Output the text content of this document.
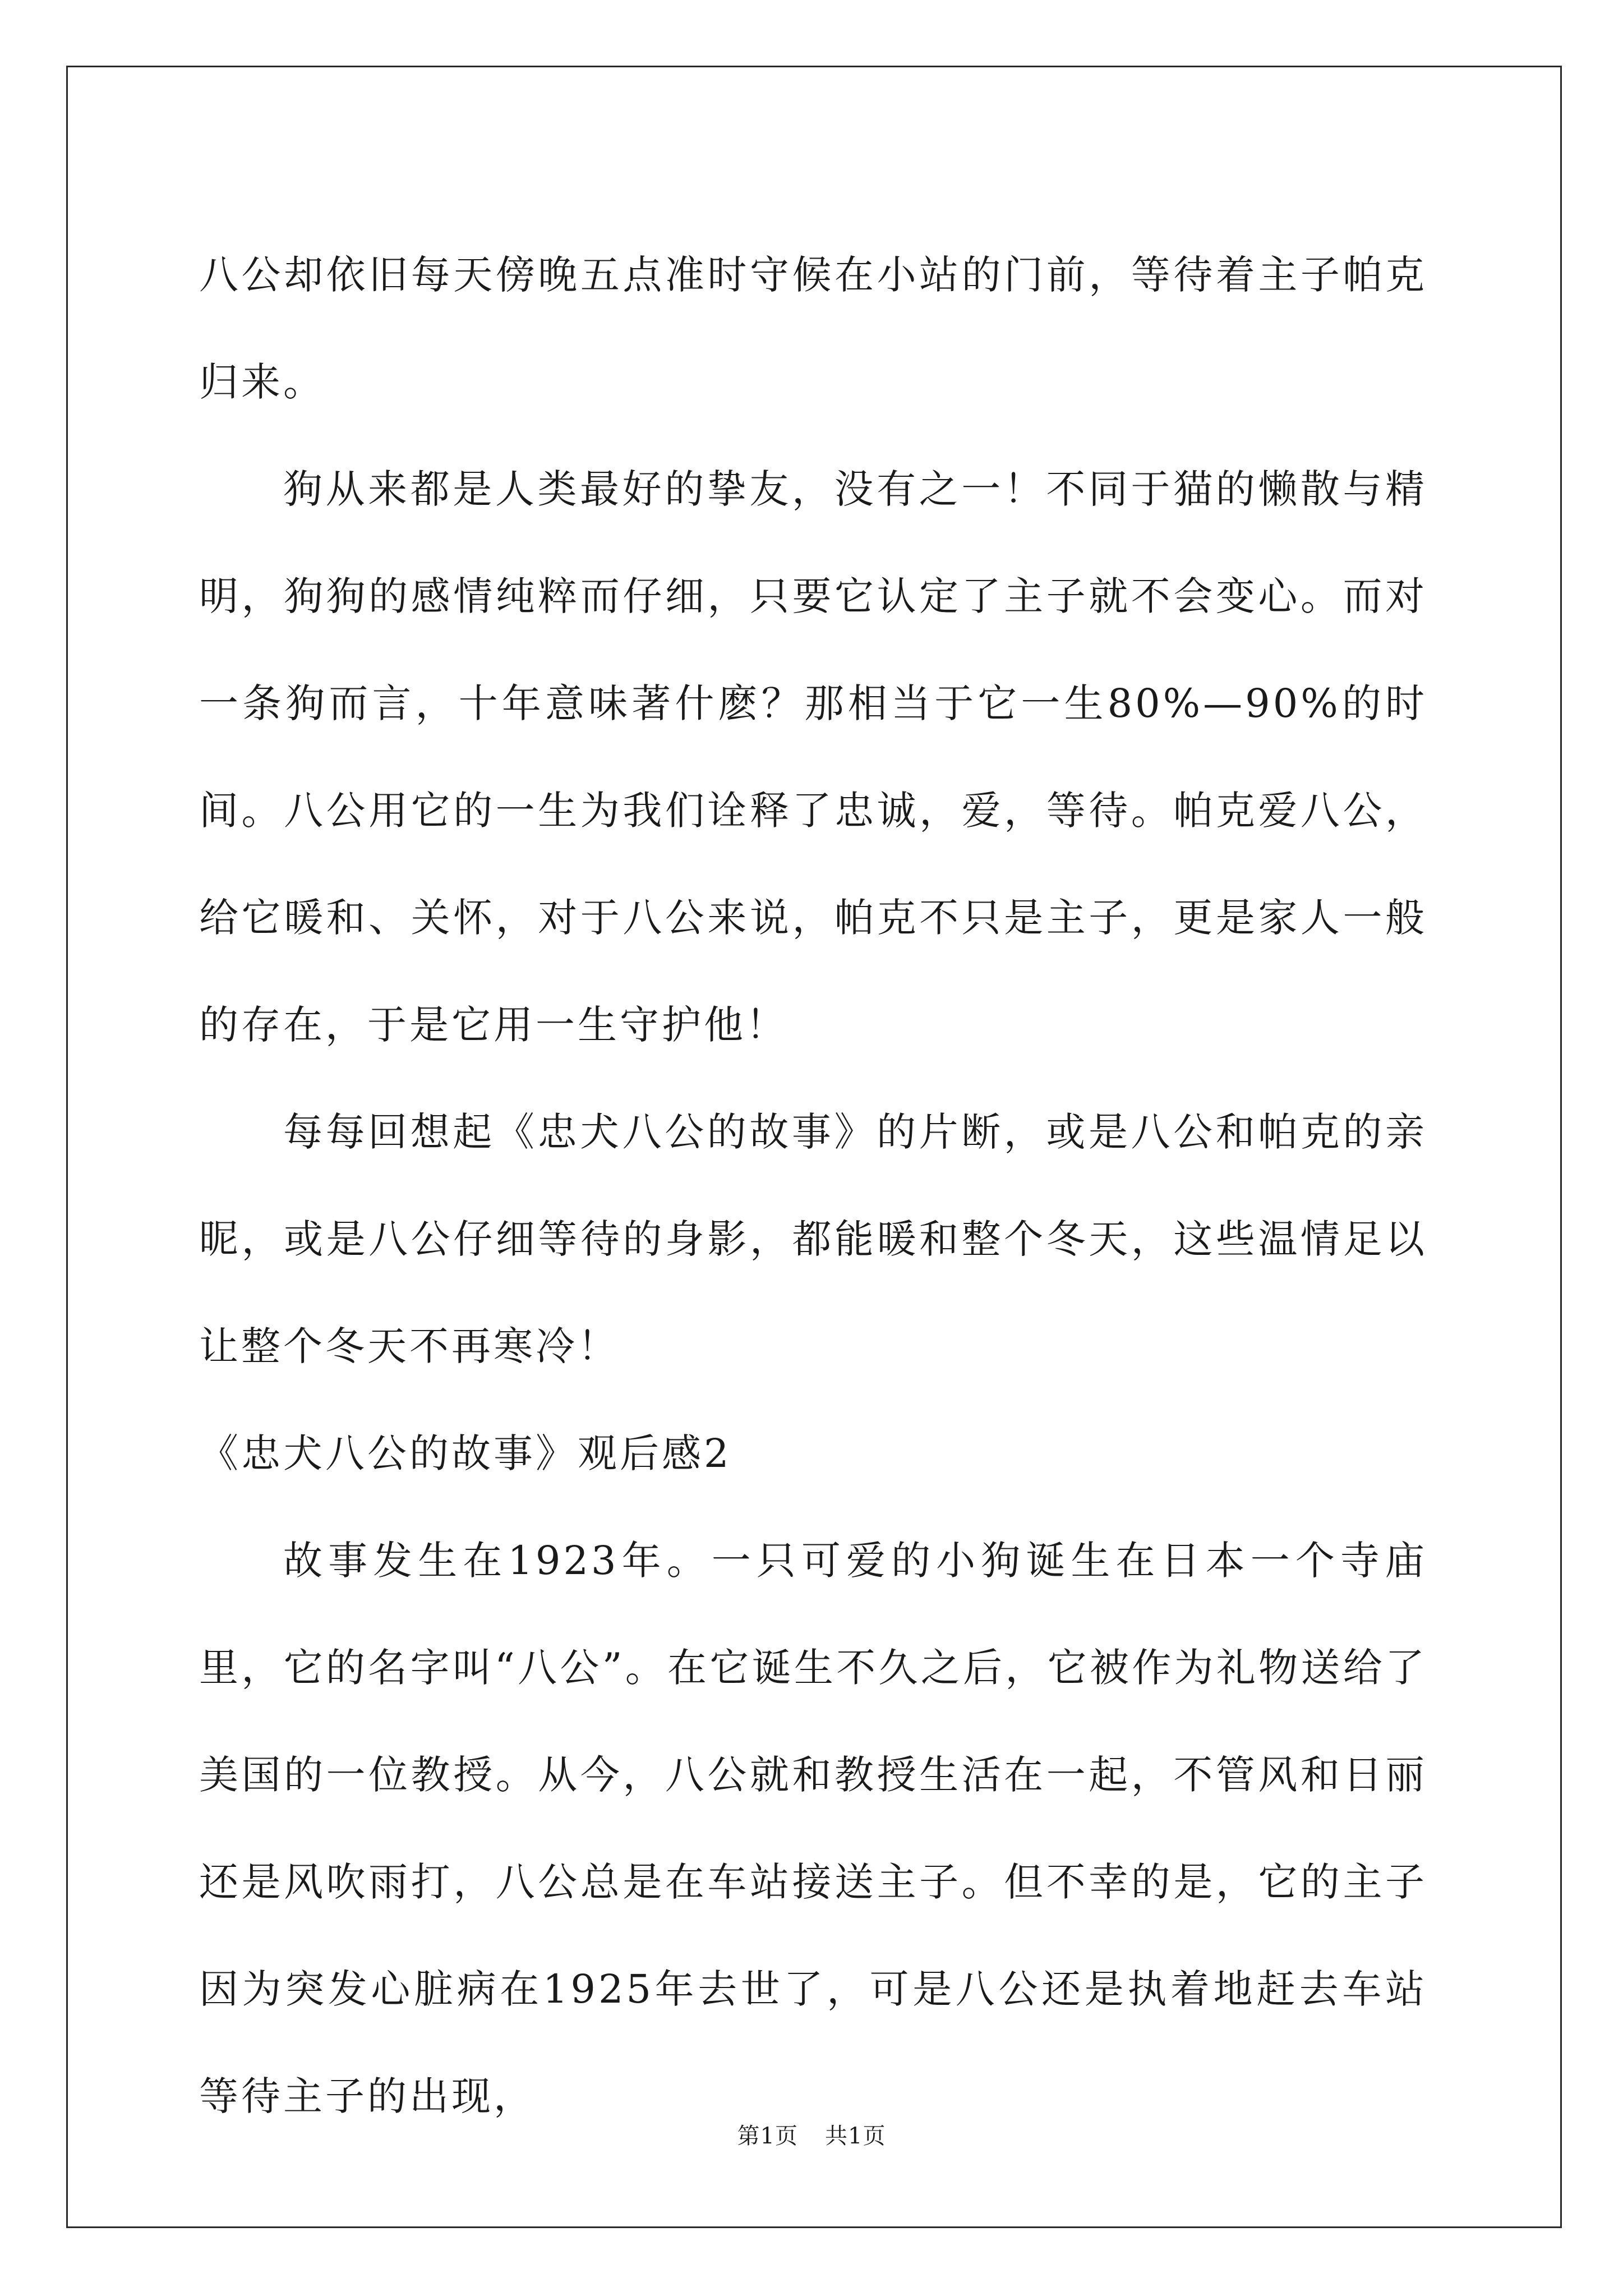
八公却依旧每天傍晚五点准时守候在小站的门前，等待着主子帕克归来。

狗从来都是人类最好的挚友，没有之一！不同于猫的懒散与精明，狗狗的感情纯粹而仔细，只要它认定了主子就不会变心。而对一条狗而言，十年意味著什麽？那相当于它一生80%—90%的时间。八公用它的一生为我们诠释了忠诚，爱，等待。帕克爱八公，给它暖和、关怀，对于八公来说，帕克不只是主子，更是家人一般的存在，于是它用一生守护他！

每每回想起《忠犬八公的故事》的片断，或是八公和帕克的亲昵，或是八公仔细等待的身影，都能暖和整个冬天，这些温情足以让整个冬天不再寒冷！

《忠犬八公的故事》观后感2

故事发生在1923年。一只可爱的小狗诞生在日本一个寺庙里，它的名字叫“八公”。在它诞生不久之后，它被作为礼物送给了美国的一位教授。从今，八公就和教授生活在一起，不管风和日丽还是风吹雨打，八公总是在车站接送主子。但不幸的是，它的主子因为突发心脏病在1925年去世了，可是八公还是执着地赶去车站等待主子的出现，

第1页 共1页
